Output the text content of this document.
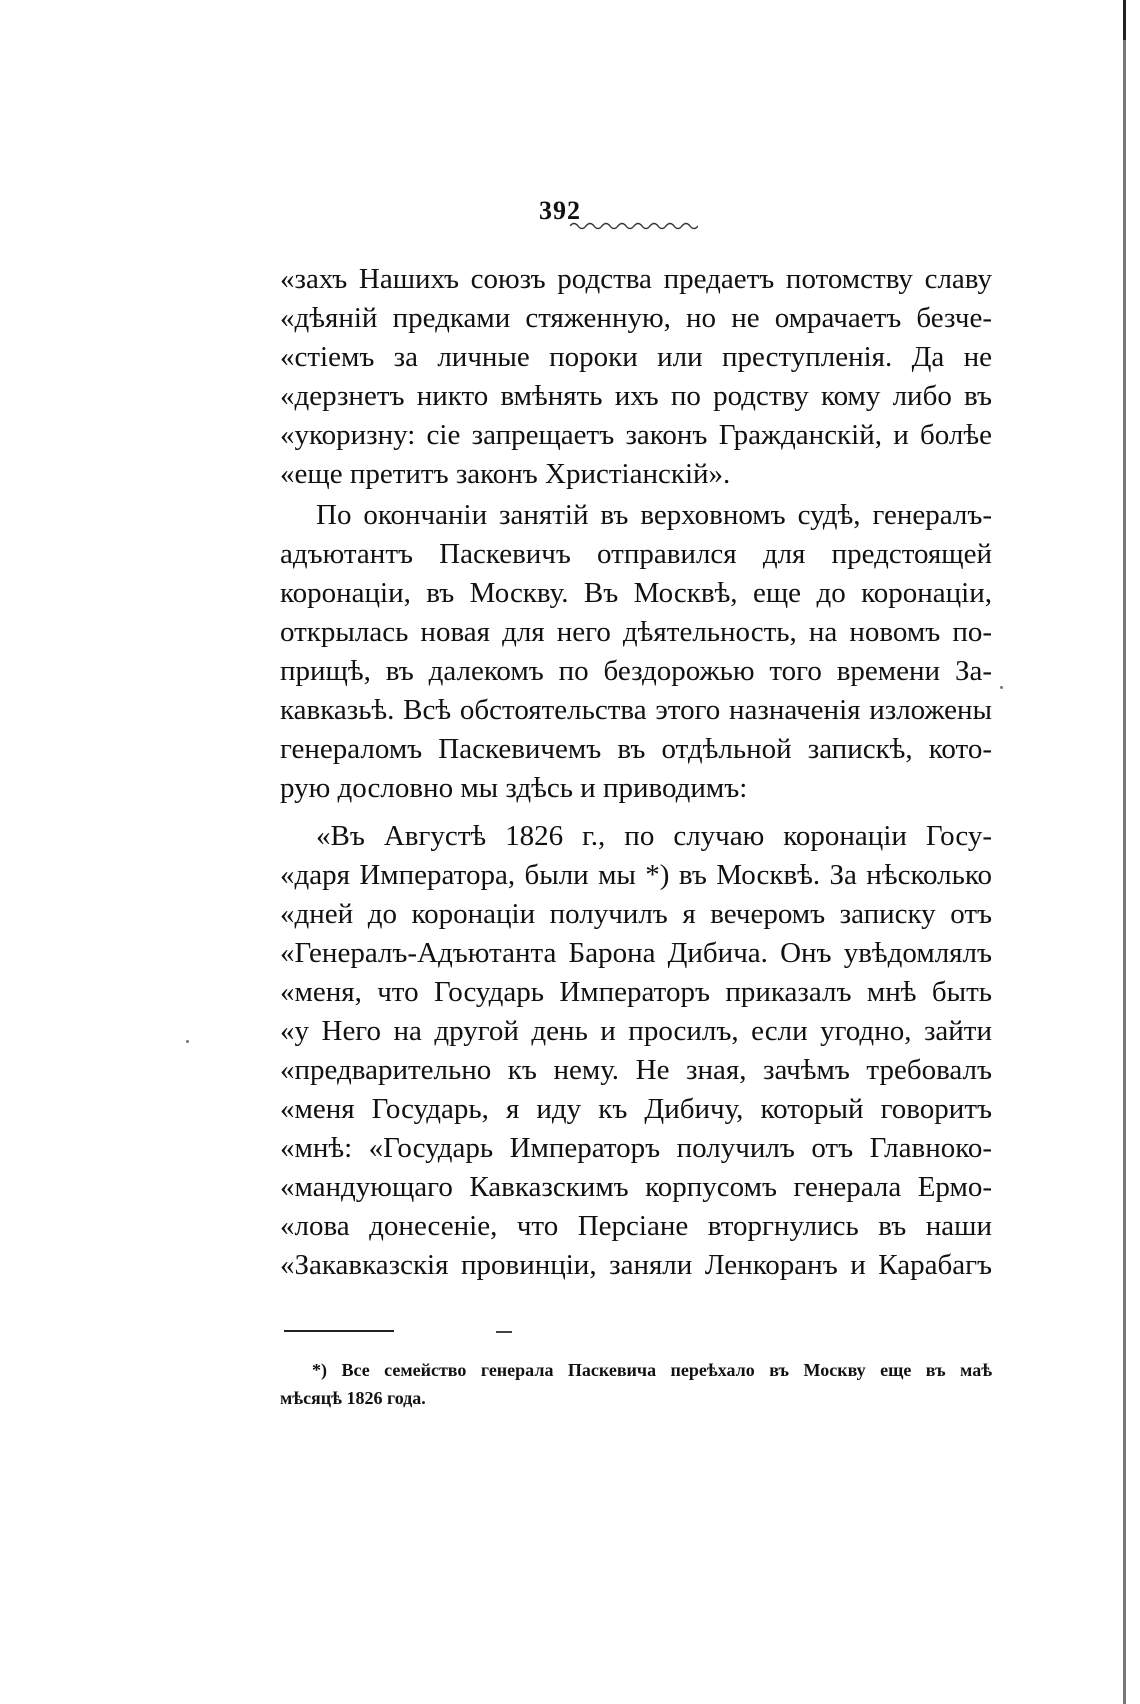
392
«захъ Нашихъ союзъ родства предаетъ потомству славу
«дѣяній предками стяженную, но не омрачаетъ безче-
«стіемъ за личные пороки или преступленія. Да не
«дерзнетъ никто вмѣнять ихъ по родству кому либо въ
«укоризну: сіе запрещаетъ законъ Гражданскій, и болѣе
«еще претитъ законъ Христіанскій».
По окончаніи занятій въ верховномъ судѣ, генералъ-
адъютантъ Паскевичъ отправился для предстоящей
коронаціи, въ Москву. Въ Москвѣ, еще до коронаціи,
открылась новая для него дѣятельность, на новомъ по-
прищѣ, въ далекомъ по бездорожью того времени За-
кавказьѣ. Всѣ обстоятельства этого назначенія изложены
генераломъ Паскевичемъ въ отдѣльной запискѣ, кото-
рую дословно мы здѣсь и приводимъ:
«Въ Августѣ 1826 г., по случаю коронаціи Госу-
«даря Императора, были мы *) въ Москвѣ. За нѣсколько
«дней до коронаціи получилъ я вечеромъ записку отъ
«Генералъ-Адъютанта Барона Дибича. Онъ увѣдомлялъ
«меня, что Государь Императоръ приказалъ мнѣ быть
«у Него на другой день и просилъ, если угодно, зайти
«предварительно къ нему. Не зная, зачѣмъ требовалъ
«меня Государь, я иду къ Дибичу, который говоритъ
«мнѣ: «Государь Императоръ получилъ отъ Главноко-
«мандующаго Кавказскимъ корпусомъ генерала Ермо-
«лова донесеніе, что Персіане вторгнулись въ наши
«Закавказскія провинціи, заняли Ленкоранъ и Карабагъ
*) Все семейство генерала Паскевича переѣхало въ Москву еще въ маѣ
мѣсяцѣ 1826 года.
